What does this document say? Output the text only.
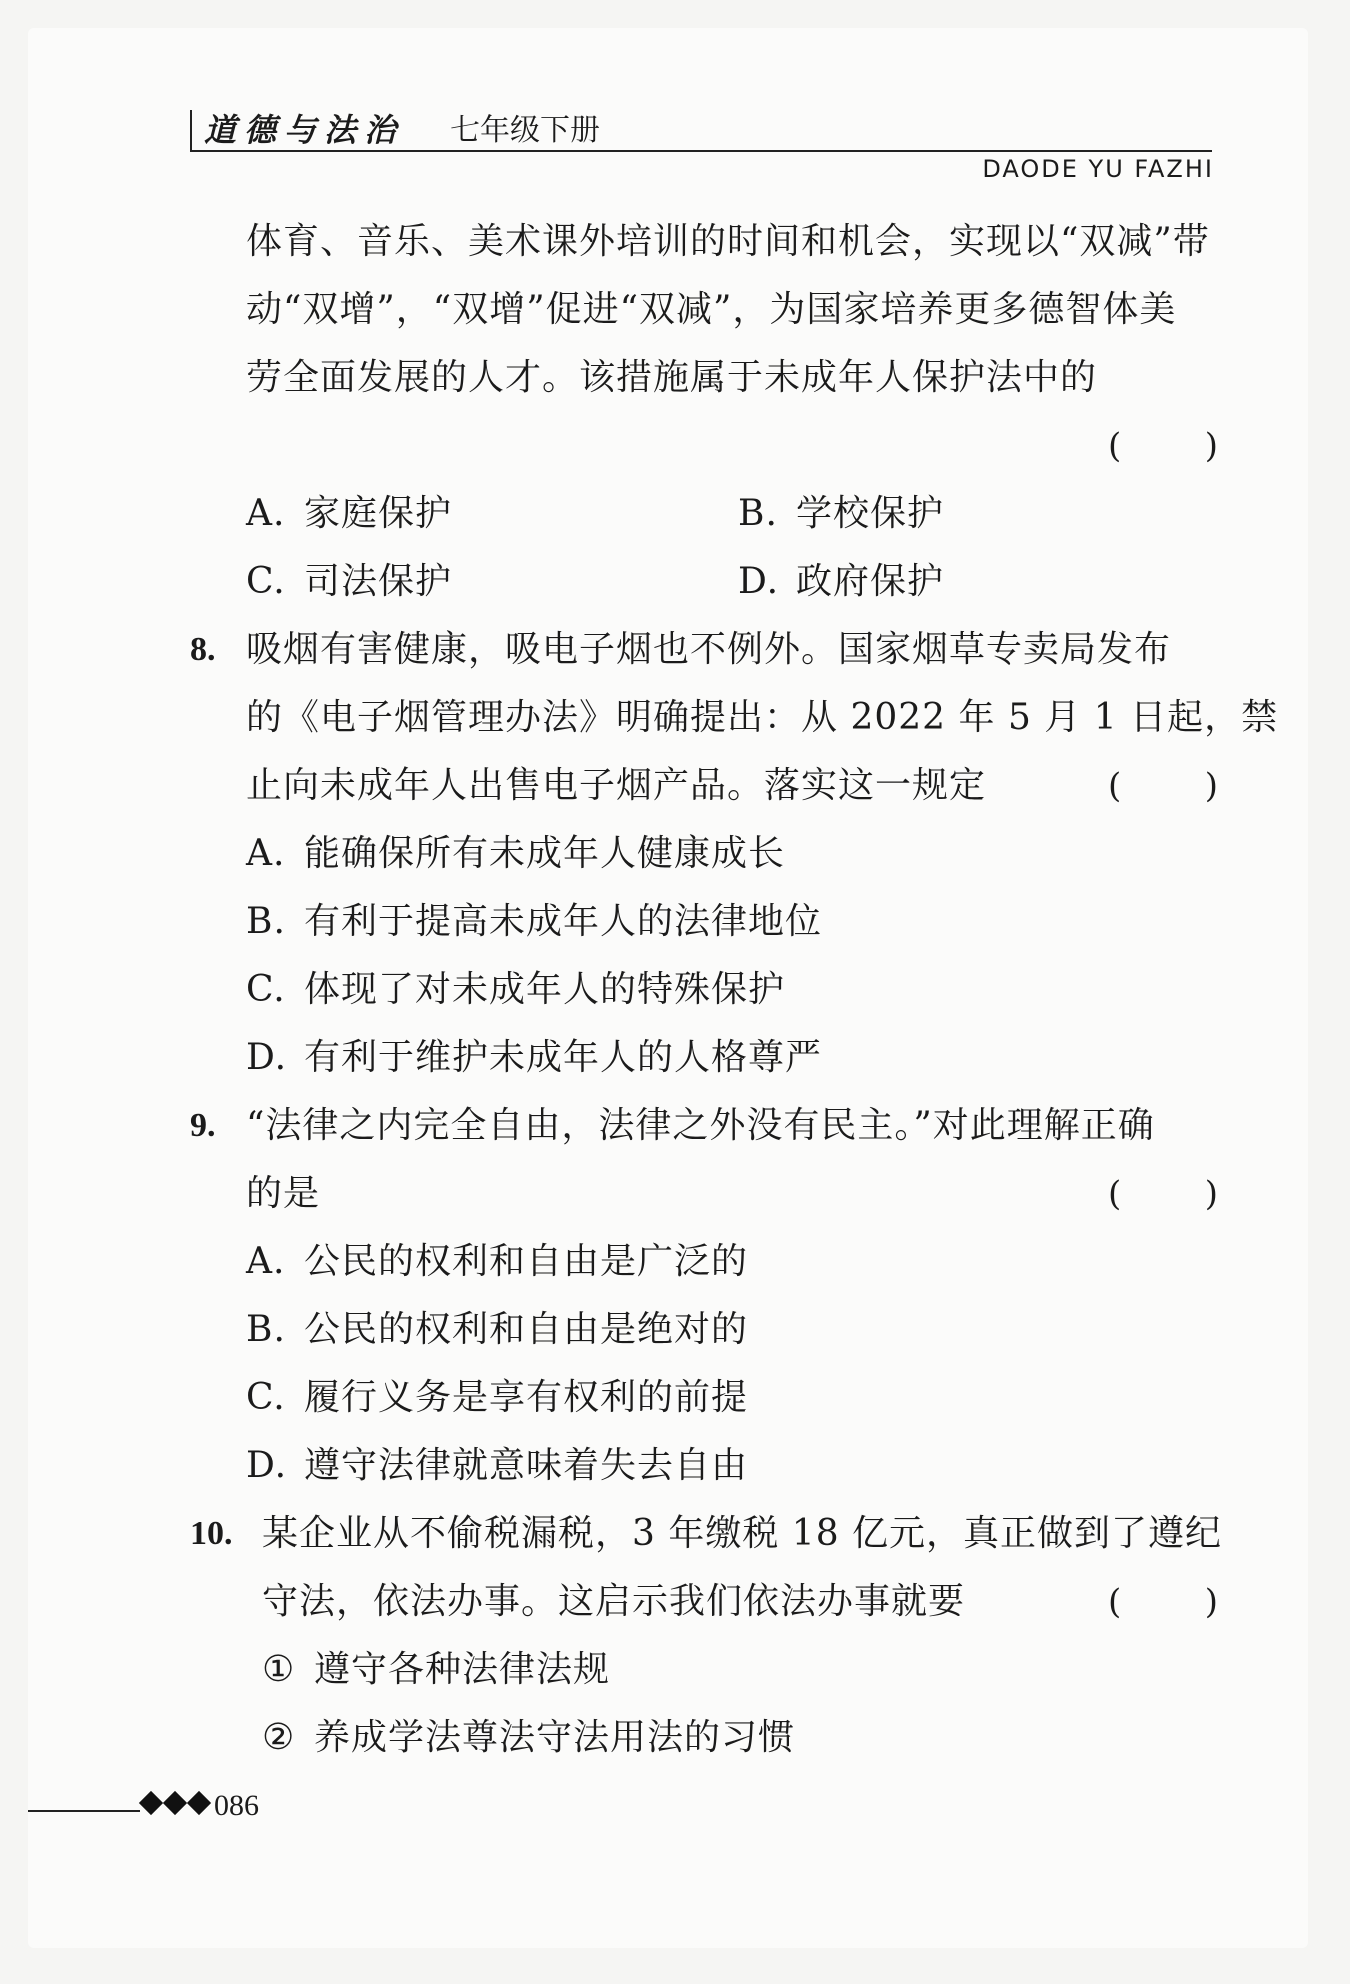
道德与法治 七年级下册
DAODE YU FAZHI
体育、音乐、美术课外培训的时间和机会，实现以“双减”带
动“双增”，“双增”促进“双减”，为国家培养更多德智体美
劳全面发展的人才。该措施属于未成年人保护法中的
( )
A. 家庭保护	B. 学校保护
C. 司法保护	D. 政府保护
8. 吸烟有害健康，吸电子烟也不例外。国家烟草专卖局发布
的《电子烟管理办法》明确提出：从 2022 年 5 月 1 日起，禁
止向未成年人出售电子烟产品。落实这一规定	( )
A. 能确保所有未成年人健康成长
B. 有利于提高未成年人的法律地位
C. 体现了对未成年人的特殊保护
D. 有利于维护未成年人的人格尊严
9. “法律之内完全自由，法律之外没有民主。”对此理解正确
的是	( )
A. 公民的权利和自由是广泛的
B. 公民的权利和自由是绝对的
C. 履行义务是享有权利的前提
D. 遵守法律就意味着失去自由
10. 某企业从不偷税漏税，3 年缴税 18 亿元，真正做到了遵纪
守法，依法办事。这启示我们依法办事就要	( )
① 遵守各种法律法规
② 养成学法尊法守法用法的习惯
086
